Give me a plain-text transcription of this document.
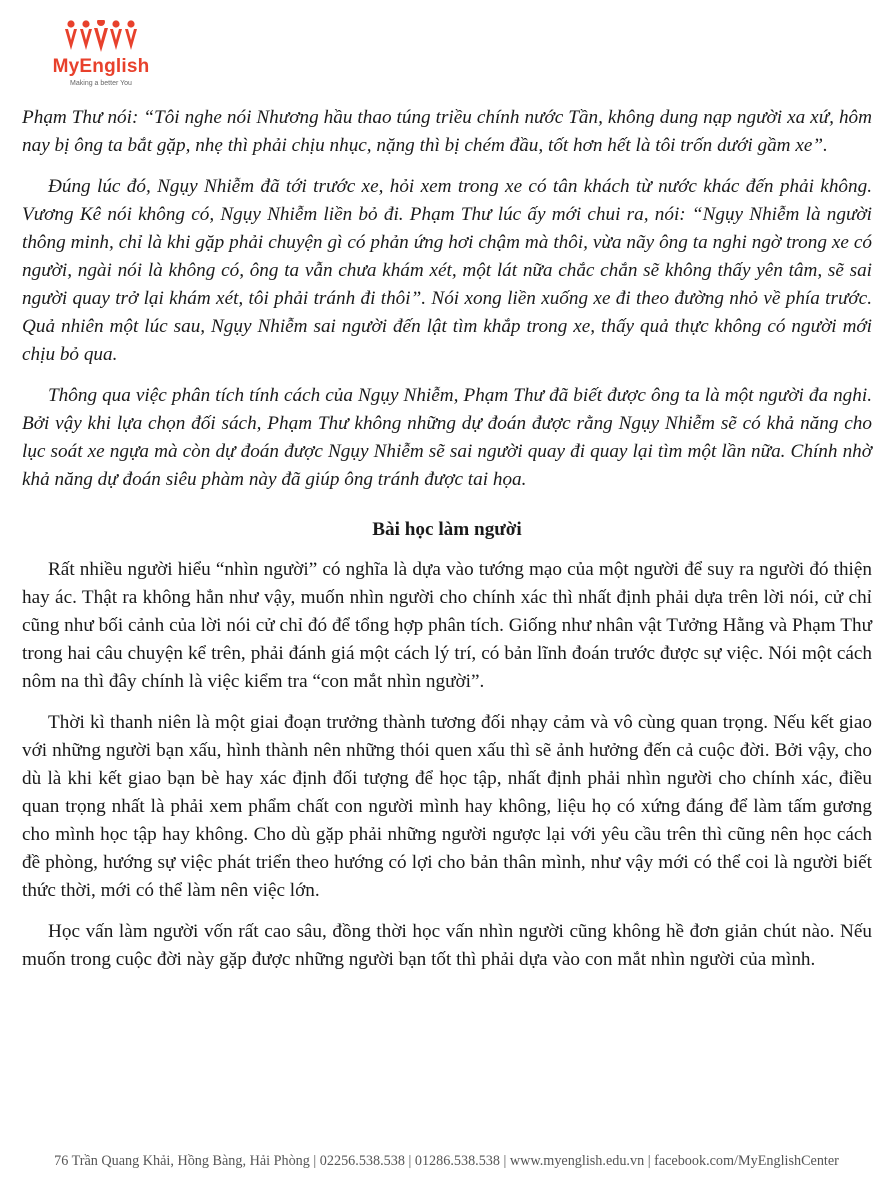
MyEnglish
Making a better You

Phạm Thư nói: “Tôi nghe nói Nhương hầu thao túng triều chính nước Tần, không dung nạp người xa xứ, hôm nay bị ông ta bắt gặp, nhẹ thì phải chịu nhục, nặng thì bị chém đầu, tốt hơn hết là tôi trốn dưới gầm xe”.

Đúng lúc đó, Ngụy Nhiễm đã tới trước xe, hỏi xem trong xe có tân khách từ nước khác đến phải không. Vương Kê nói không có, Ngụy Nhiễm liền bỏ đi. Phạm Thư lúc ấy mới chui ra, nói: “Ngụy Nhiễm là người thông minh, chỉ là khi gặp phải chuyện gì có phản ứng hơi chậm mà thôi, vừa nãy ông ta nghi ngờ trong xe có người, ngài nói là không có, ông ta vẫn chưa khám xét, một lát nữa chắc chắn sẽ không thấy yên tâm, sẽ sai người quay trở lại khám xét, tôi phải tránh đi thôi”. Nói xong liền xuống xe đi theo đường nhỏ về phía trước. Quả nhiên một lúc sau, Ngụy Nhiễm sai người đến lật tìm khắp trong xe, thấy quả thực không có người mới chịu bỏ qua.

Thông qua việc phân tích tính cách của Ngụy Nhiễm, Phạm Thư đã biết được ông ta là một người đa nghi. Bởi vậy khi lựa chọn đối sách, Phạm Thư không những dự đoán được rằng Ngụy Nhiễm sẽ có khả năng cho lục soát xe ngựa mà còn dự đoán được Ngụy Nhiễm sẽ sai người quay đi quay lại tìm một lần nữa. Chính nhờ khả năng dự đoán siêu phàm này đã giúp ông tránh được tai họa.

Bài học làm người

Rất nhiều người hiểu “nhìn người” có nghĩa là dựa vào tướng mạo của một người để suy ra người đó thiện hay ác. Thật ra không hẳn như vậy, muốn nhìn người cho chính xác thì nhất định phải dựa trên lời nói, cử chỉ cũng như bối cảnh của lời nói cử chỉ đó để tổng hợp phân tích. Giống như nhân vật Tưởng Hằng và Phạm Thư trong hai câu chuyện kể trên, phải đánh giá một cách lý trí, có bản lĩnh đoán trước được sự việc. Nói một cách nôm na thì đây chính là việc kiểm tra “con mắt nhìn người”.

Thời kì thanh niên là một giai đoạn trưởng thành tương đối nhạy cảm và vô cùng quan trọng. Nếu kết giao với những người bạn xấu, hình thành nên những thói quen xấu thì sẽ ảnh hưởng đến cả cuộc đời. Bởi vậy, cho dù là khi kết giao bạn bè hay xác định đối tượng để học tập, nhất định phải nhìn người cho chính xác, điều quan trọng nhất là phải xem phẩm chất con người mình hay không, liệu họ có xứng đáng để làm tấm gương cho mình học tập hay không. Cho dù gặp phải những người ngược lại với yêu cầu trên thì cũng nên học cách đề phòng, hướng sự việc phát triển theo hướng có lợi cho bản thân mình, như vậy mới có thể coi là người biết thức thời, mới có thể làm nên việc lớn.

Học vấn làm người vốn rất cao sâu, đồng thời học vấn nhìn người cũng không hề đơn giản chút nào. Nếu muốn trong cuộc đời này gặp được những người bạn tốt thì phải dựa vào con mắt nhìn người của mình.

76 Trần Quang Khải, Hồng Bàng, Hải Phòng | 02256.538.538 | 01286.538.538 | www.myenglish.edu.vn | facebook.com/MyEnglishCenter
